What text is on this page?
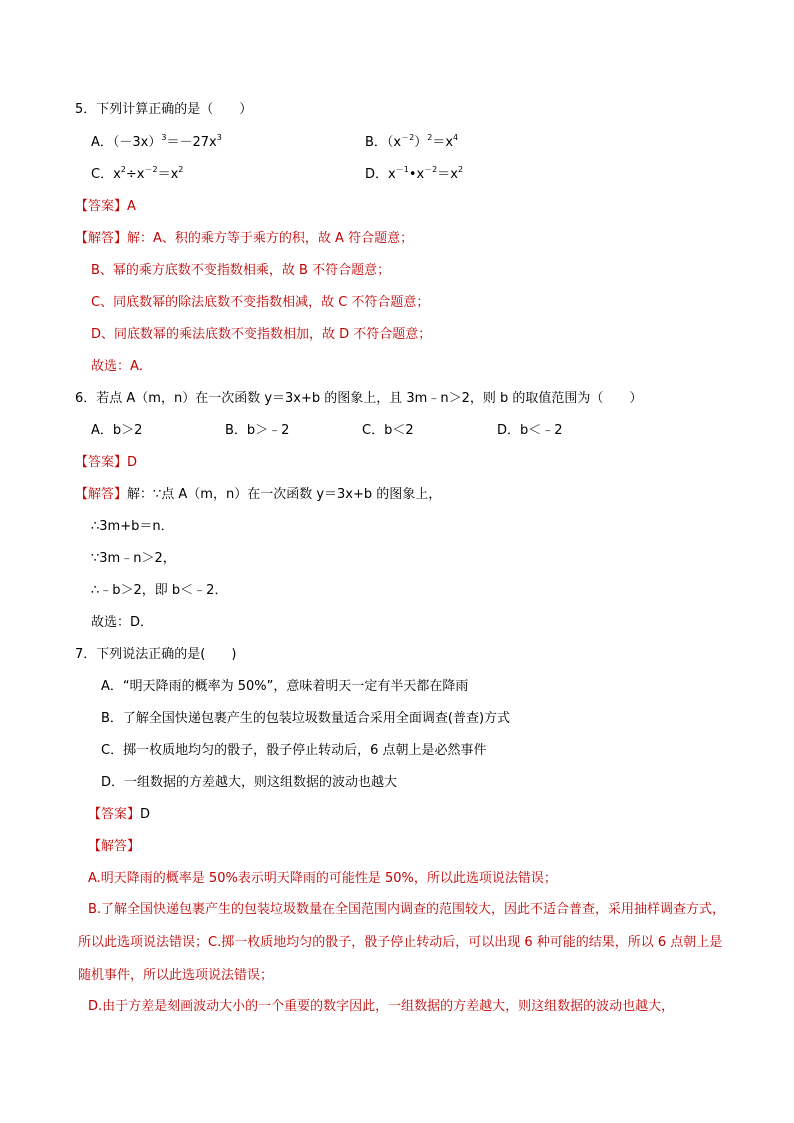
5．下列计算正确的是（　　）
A．$(-3x)^3=-27x^3$	B．$(x^{-2})^2=x^4$
C．$x^2\div x^{-2}=x^2$	D．$x^{-1}•x^{-2}=x^2$
【答案】A
【解答】解：A、积的乘方等于乘方的积，故 A 符合题意；
B、幂的乘方底数不变指数相乘，故 B 不符合题意；
C、同底数幂的除法底数不变指数相减，故 C 不符合题意；
D、同底数幂的乘法底数不变指数相加，故 D 不符合题意；
故选：A．
6．若点 A（m，n）在一次函数 y＝3x+b 的图象上，且 3m﹣n＞2，则 b 的取值范围为（　　）
A．b＞2	B．b＞﹣2	C．b＜2	D．b＜﹣2
【答案】D
【解答】解：∵点 A（m，n）在一次函数 y＝3x+b 的图象上，
∴3m+b＝n．
∵3m﹣n＞2，
∴﹣b＞2，即 b＜﹣2．
故选：D．
7．下列说法正确的是(　　)
A．“明天降雨的概率为 50%”，意味着明天一定有半天都在降雨
B．了解全国快递包裹产生的包装垃圾数量适合采用全面调查(普查)方式
C．掷一枚质地均匀的骰子，骰子停止转动后，6 点朝上是必然事件
D．一组数据的方差越大，则这组数据的波动也越大
【答案】D
【解答】
A.明天降雨的概率是 50%表示明天降雨的可能性是 50%，所以此选项说法错误；
B.了解全国快递包裹产生的包装垃圾数量在全国范围内调查的范围较大，因此不适合普查，采用抽样调查方式，所以此选项说法错误；C.掷一枚质地均匀的骰子，骰子停止转动后，可以出现 6 种可能的结果，所以 6 点朝上是随机事件，所以此选项说法错误；
D.由于方差是刻画波动大小的一个重要的数字因此，一组数据的方差越大，则这组数据的波动也越大，
